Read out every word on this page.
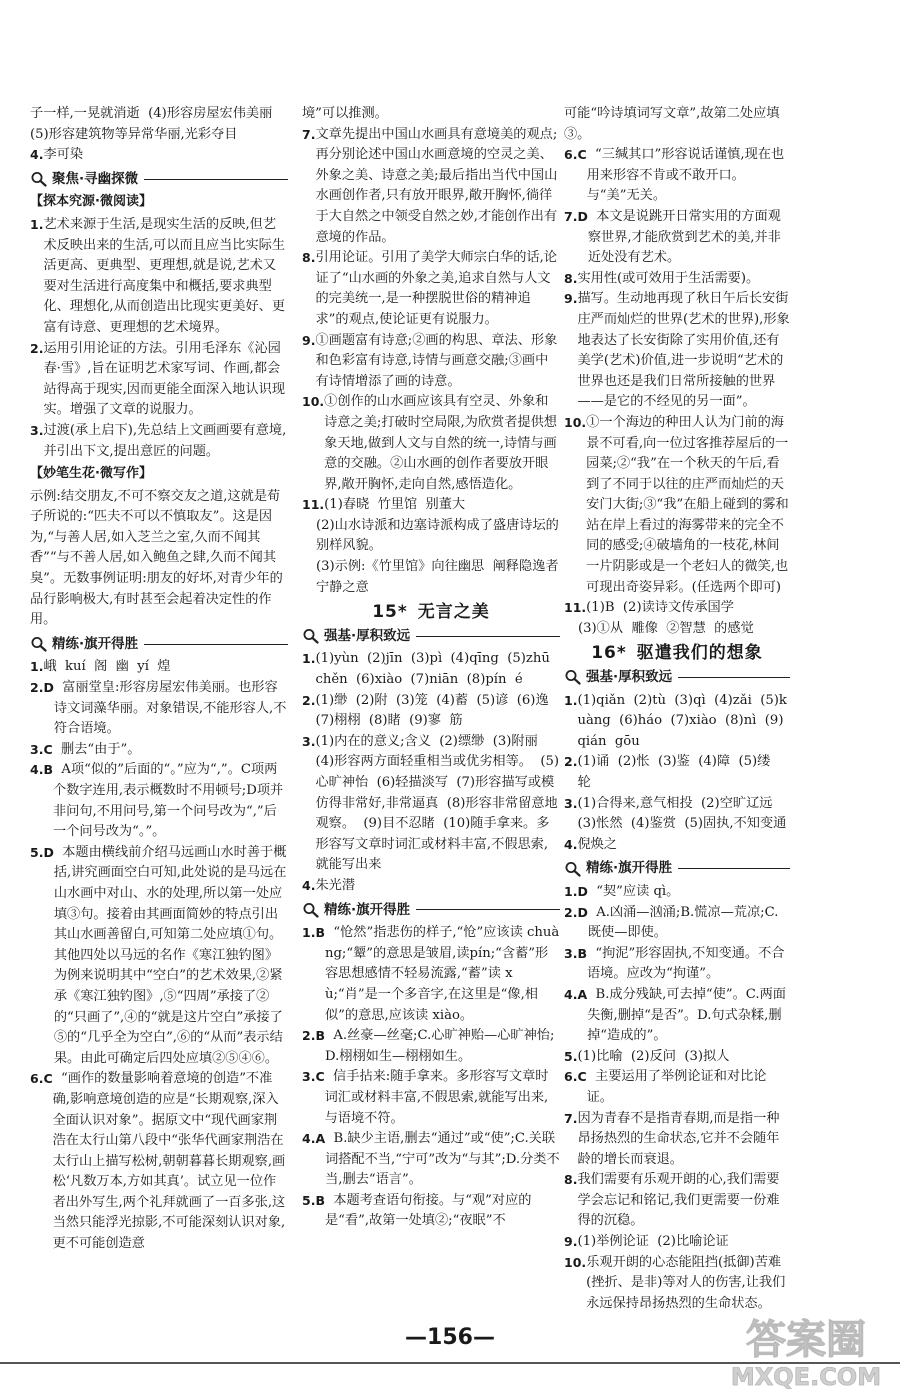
子一样,一晃就消逝  (4)形容房屋宏伟美丽  (5)形容建筑物等异常华丽,光彩夺目
4. 李可染
聚焦·寻幽探微
【探本究源·微阅读】
1. 艺术来源于生活,是现实生活的反映,但艺术反映出来的生活,可以而且应当比实际生活更高、更典型、更理想,就是说,艺术又要对生活进行高度集中和概括,要求典型化、理想化,从而创造出比现实更美好、更富有诗意、更理想的艺术境界。
2. 运用引用论证的方法。引用毛泽东《沁园春·雪》,旨在证明艺术家写词、作画,都会站得高于现实,因而更能全面深入地认识现实。增强了文章的说服力。
3. 过渡(承上启下),先总结上文画画要有意境,并引出下文,提出意匠的问题。
【妙笔生花·微写作】
示例:结交朋友,不可不察交友之道,这就是荀子所说的:“匹夫不可以不慎取友”。这是因为,“与善人居,如入芝兰之室,久而不闻其香”“与不善人居,如入鲍鱼之肆,久而不闻其臭”。无数事例证明:朋友的好坏,对青少年的品行影响极大,有时甚至会起着决定性的作用。
精练·旗开得胜
1. 峨  kuí  阁  幽  yí  煌
2.D 富丽堂皇:形容房屋宏伟美丽。也形容诗文词藻华丽。对象错误,不能形容人,不符合语境。
3.C 删去“由于”。
4.B A项“似的”后面的“。”应为“,”。C项两个数字连用,表示概数时不用顿号;D项并非问句,不用问号,第一个问号改为“,”后一个问号改为“。”。
5.D 本题由横线前介绍马远画山水时善于概括,讲究画面空白可知,此处说的是马远在山水画中对山、水的处理,所以第一处应填③句。接着由其画面简妙的特点引出其山水画善留白,可知第二处应填①句。其他四处以马远的名作《寒江独钓图》为例来说明其中“空白”的艺术效果,②紧承《寒江独钓图》,⑤“四周”承接了②的“只画了”,④的“就是这片空白”承接了⑤的“几乎全为空白”,⑥的“从而”表示结果。由此可确定后四处应填②⑤④⑥。
6.C “画作的数量影响着意境的创造”不准确,影响意境创造的应是“长期观察,深入全面认识对象”。据原文中“现代画家荆浩在太行山第八段中“张华代画家荆浩在太行山上描写松树,朝朝暮暮长期观察,画松‘凡数万本,方如其真’。试立见一位作者出外写生,两个礼拜就画了一百多张,这当然只能浮光掠影,不可能深刻认识对象,更不可能创造意
境”可以推测。
7. 文章先提出中国山水画具有意境美的观点;再分别论述中国山水画意境的空灵之美、外象之美、诗意之美;最后指出当代中国山水画创作者,只有放开眼界,敞开胸怀,徜徉于大自然之中领受自然之妙,才能创作出有意境的作品。
8. 引用论证。引用了美学大师宗白华的话,论证了“山水画的外象之美,追求自然与人文的完美统一,是一种摆脱世俗的精神追求”的观点,使论证更有说服力。
9. ①画题富有诗意;②画的构思、章法、形象和色彩富有诗意,诗情与画意交融;③画中有诗情增添了画的诗意。
10. ①创作的山水画应该具有空灵、外象和诗意之美;打破时空局限,为欣赏者提供想象天地,做到人文与自然的统一,诗情与画意的交融。②山水画的创作者要放开眼界,敞开胸怀,走向自然,感悟造化。
11. (1)春晓  竹里馆  别董大
(2)山水诗派和边塞诗派构成了盛唐诗坛的别样风貌。
(3)示例:《竹里馆》向往幽思  阐释隐逸者宁静之意
15* 无言之美
强基·厚积致远
1. (1)yùn  (2)jīn  (3)pì  (4)qīng  (5)zhū  chěn  (6)xiào  (7)niān  (8)pín  é
2. (1)缈  (2)附  (3)笼  (4)蓄  (5)谚  (6)逸  (7)栩栩  (8)睹  (9)寥  筋
3. (1)内在的意义;含义  (2)缥缈  (3)附丽  (4)形容两方面轻重相当或优劣相等。  (5)心旷神怡  (6)轻描淡写  (7)形容描写或模仿得非常好,非常逼真  (8)形容非常留意地观察。  (9)目不忍睹  (10)随手拿来。多形容写文章时词汇或材料丰富,不假思索,就能写出来
4. 朱光潜
精练·旗开得胜
1.B “怆然”指悲伤的样子,“怆”应该读 chuàng;“颦”的意思是皱眉,读pín;“含蓄”形容思想感情不轻易流露,“蓄”读 xù;“肖”是一个多音字,在这里是“像,相似”的意思,应该读 xiào。
2.B A.丝豪—丝毫;C.心旷神贻—心旷神怡;D.栩栩如生—栩栩如生。
3.C 信手拈来:随手拿来。多形容写文章时词汇或材料丰富,不假思索,就能写出来,与语境不符。
4.A B.缺少主语,删去“通过”或“使”;C.关联词搭配不当,“宁可”改为“与其”;D.分类不当,删去“语言”。
5.B 本题考查语句衔接。与“观”对应的是“看”,故第一处填②;“夜眠”不
可能“吟诗填词写文章”,故第二处应填③。
6.C “三缄其口”形容说话谨慎,现在也用来形容不肯或不敢开口。与“美”无关。
7.D 本文是说跳开日常实用的方面观察世界,才能欣赏到艺术的美,并非近处没有艺术。
8. 实用性(或可效用于生活需要)。
9. 描写。生动地再现了秋日午后长安街庄严而灿烂的世界(艺术的世界),形象地表达了长安街除了实用价值,还有美学(艺术)价值,进一步说明“艺术的世界也还是我们日常所接触的世界——是它的不经见的另一面”。
10. ①一个海边的种田人认为门前的海景不可看,向一位过客推荐屋后的一园菜;②“我”在一个秋天的午后,看到了不同于以往的庄严而灿烂的天安门大街;③“我”在船上碰到的雾和站在岸上看过的海雾带来的完全不同的感受;④破墙角的一枝花,林间一片阴影或是一个老妇人的微笑,也可现出奇姿异彩。(任选两个即可)
11. (1)B  (2)读诗文传承国学
(3)①从  雕像  ②智慧  的感觉
16* 驱遣我们的想象
强基·厚积致远
1. (1)qiǎn  (2)tù  (3)qì  (4)zǎi  (5)kuàng  (6)háo  (7)xiào  (8)nì  (9)qián  gōu
2. (1)诵  (2)怅  (3)鉴  (4)障  (5)缕  轮
3. (1)合得来,意气相投  (2)空旷辽远  (3)怅然  (4)鉴赏  (5)固执,不知变通
4. 倪焕之
精练·旗开得胜
1.D “契”应读 qì。
2.D A.凶涌—汹涌;B.慌凉—荒凉;C.既使—即使。
3.B “拘泥”形容固执,不知变通。不合语境。应改为“拘谨”。
4.A B.成分残缺,可去掉“使”。C.两面失衡,删掉“是否”。D.句式杂糅,删掉“造成的”。
5. (1)比喻  (2)反问  (3)拟人
6.C 主要运用了举例论证和对比论证。
7. 因为青春不是指青春期,而是指一种昂扬热烈的生命状态,它并不会随年龄的增长而衰退。
8. 我们需要有乐观开朗的心,我们需要学会忘记和铭记,我们更需要一份难得的沉稳。
9. (1)举例论证  (2)比喻论证
10. 乐观开朗的心态能阻挡(抵御)苦难(挫折、是非)等对人的伤害,让我们永远保持昂扬热烈的生命状态。
—156—	答案圈
MXQE.COM
